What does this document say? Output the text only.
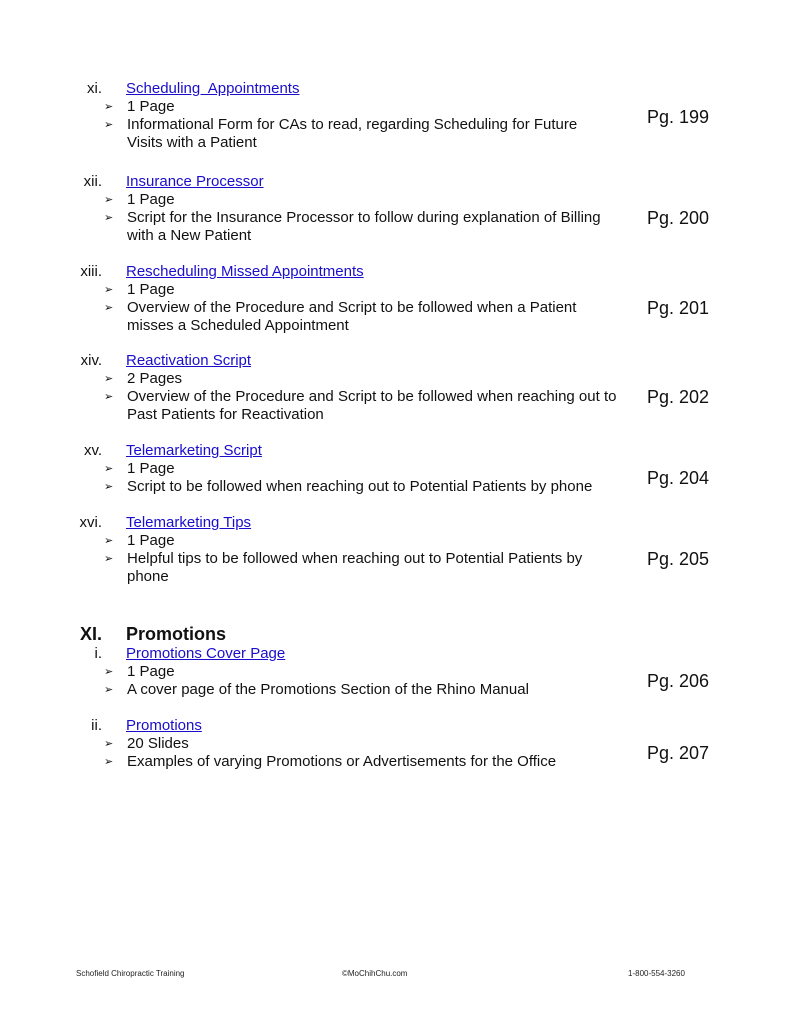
xi. Scheduling  Appointments
➢ 1 Page
➢ Informational Form for CAs to read, regarding Scheduling for Future Visits with a Patient
Pg. 199
xii. Insurance Processor
➢ 1 Page
➢ Script for the Insurance Processor to follow during explanation of Billing with a New Patient
Pg. 200
xiii. Rescheduling Missed Appointments
➢ 1 Page
➢ Overview of the Procedure and Script to be followed when a Patient misses a Scheduled Appointment
Pg. 201
xiv. Reactivation Script
➢ 2 Pages
➢ Overview of the Procedure and Script to be followed when reaching out to Past Patients for Reactivation
Pg. 202
xv. Telemarketing Script
➢ 1 Page
➢ Script to be followed when reaching out to Potential Patients by phone	Pg. 204
xvi. Telemarketing Tips
➢ 1 Page
➢ Helpful tips to be followed when reaching out to Potential Patients by phone
Pg. 205
XI. Promotions
i. Promotions Cover Page
➢ 1 Page
➢ A cover page of the Promotions Section of the Rhino Manual	Pg. 206
ii. Promotions
➢ 20 Slides
➢ Examples of varying Promotions or Advertisements for the Office	Pg. 207
Schofield Chiropractic Training	©MoChihChu.com	1-800-554-3260
